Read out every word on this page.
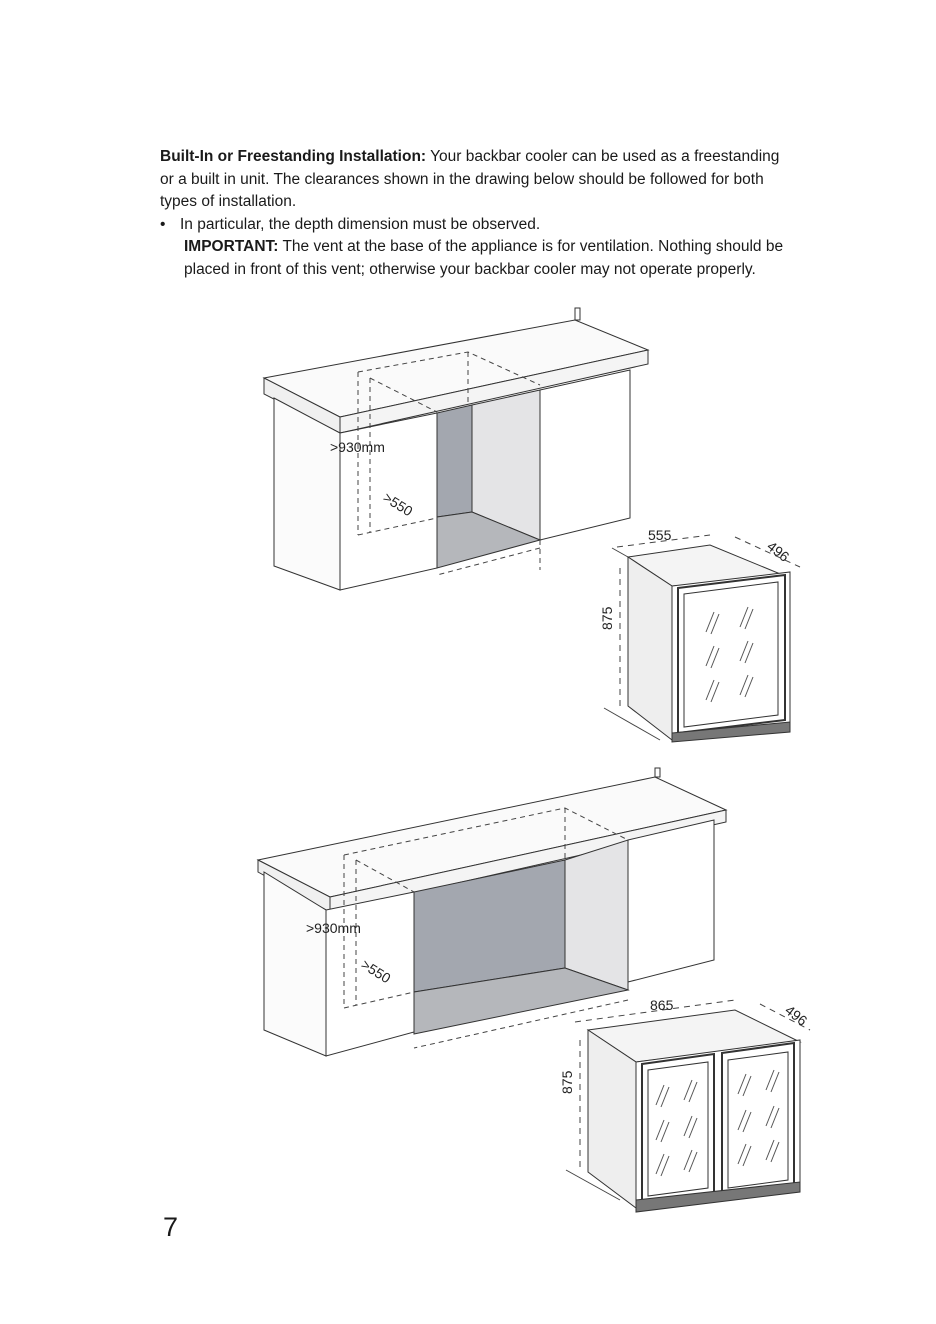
Built-In or Freestanding Installation: Your backbar cooler can be used as a freestanding

or a built in unit. The clearances shown in the drawing below should be followed for both

types of installation.

• In particular, the depth dimension must be observed.

IMPORTANT: The vent at the base of the appliance is for ventilation. Nothing should be

placed in front of this vent; otherwise your backbar cooler may not operate properly.

>930mm
>550
555
496
875
>930mm
>550
865	496
875
7
